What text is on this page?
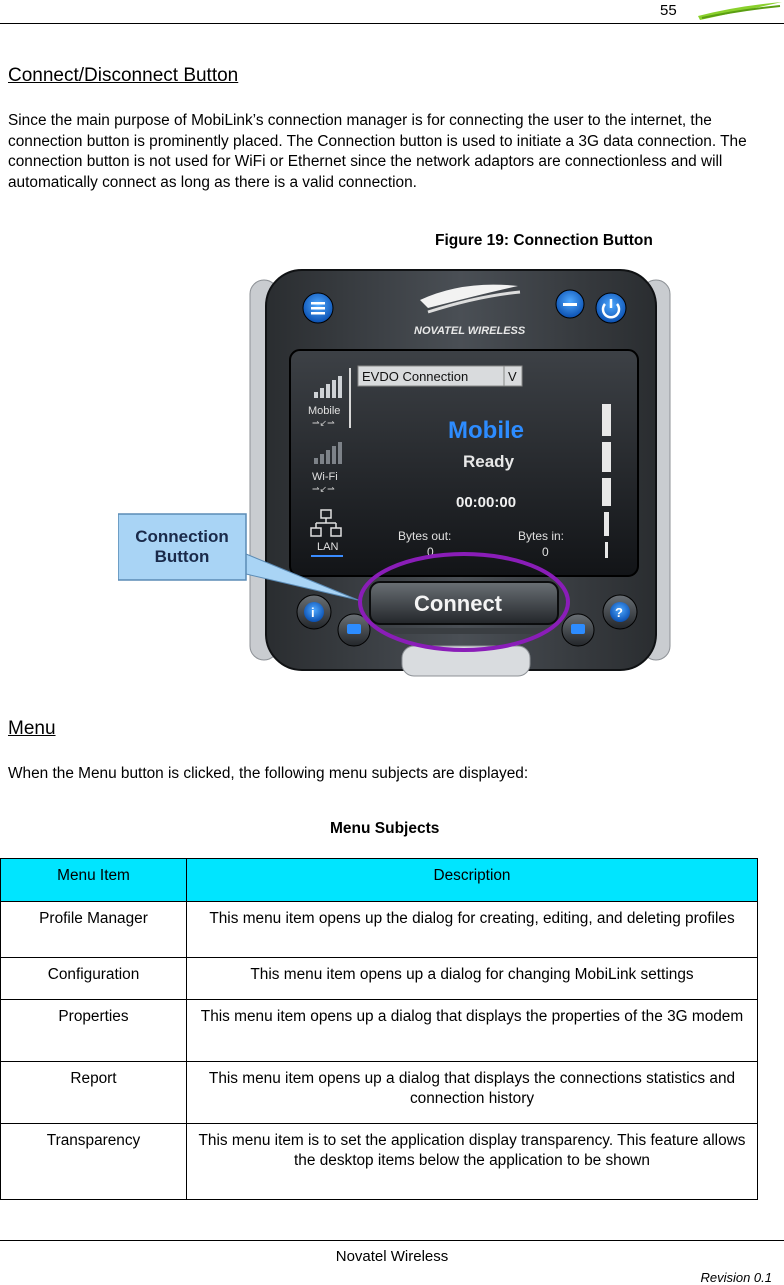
55
Connect/Disconnect Button
Since the main purpose of MobiLink’s connection manager is for connecting the user to the internet, the connection button is prominently placed. The Connection button is used to initiate a 3G data connection. The connection button is not used for WiFi or Ethernet since the network adaptors are connectionless and will automatically connect as long as there is a valid connection.
Figure 19: Connection Button
NOVATEL WIRELESS
Mobile
⇀↙⇀
Wi-Fi
⇀↙⇀
LAN
EVDO Connection	V
Mobile
Ready
00:00:00
Bytes out:
0
Bytes in:
0
i	?
Connect
Connection
Button
Menu
When the Menu button is clicked, the following menu subjects are displayed:
Menu Subjects
Menu Item	Description
Profile Manager	This menu item opens up the dialog for creating, editing, and deleting profiles
Configuration	This menu item opens up a dialog for changing MobiLink settings
Properties	This menu item opens up a dialog that displays the properties of the 3G modem
Report	This menu item opens up a dialog that displays the connections statistics and connection history
Transparency	This menu item is to set the application display transparency. This feature allows the desktop items below the application to be shown
Novatel Wireless
Revision 0.1
